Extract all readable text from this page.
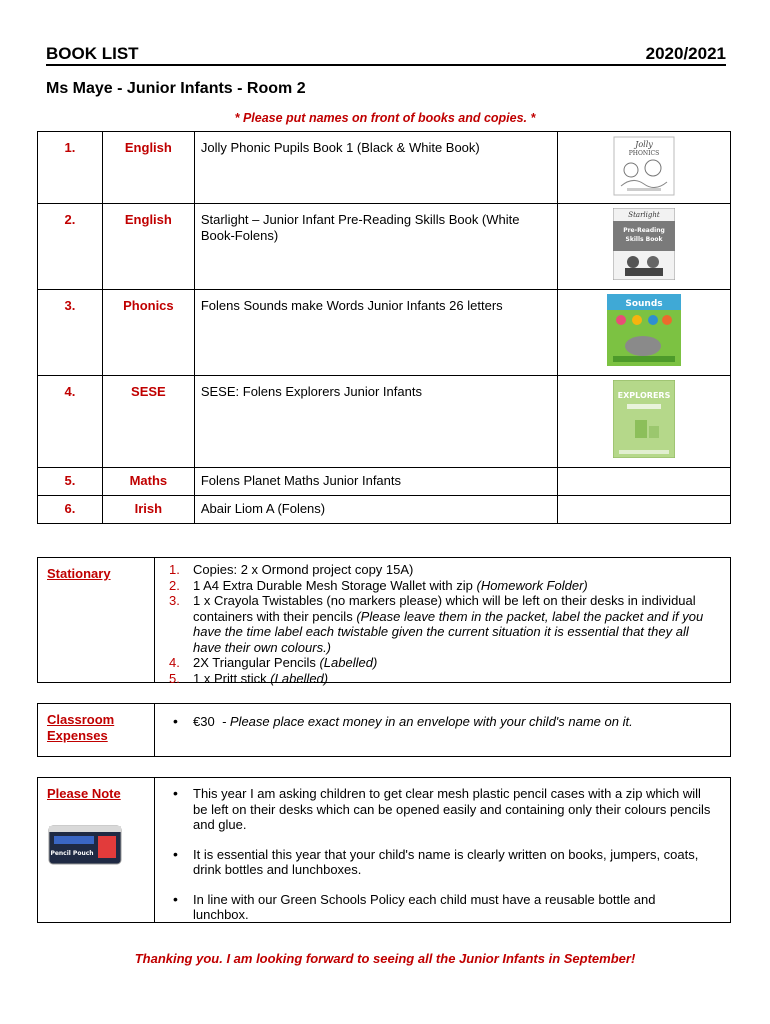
BOOK LIST	2020/2021
Ms Maye - Junior Infants - Room 2
* Please put names on front of books and copies. *
1.	English	Jolly Phonic Pupils Book 1 (Black & White Book)	Jolly
PHONICS

2.	English	Starlight – Junior Infant Pre-Reading Skills Book (White Book-Folens)	Starlight
Pre-Reading
Skills Book

3.	Phonics	Folens Sounds make Words Junior Infants 26 letters	Sounds

4.	SESE	SESE: Folens Explorers Junior Infants	EXPLORERS

5.	Maths	Folens Planet Maths Junior Infants	
6.	Irish	Abair Liom A (Folens)	
Stationary	1. Copies: 2 x Ormond project copy 15A)
2. 1 A4 Extra Durable Mesh Storage Wallet with zip (Homework Folder)
3. 1 x Crayola Twistables (no markers please) which will be left on their desks in individual containers with their pencils (Please leave them in the packet, label the packet and if you have the time label each twistable given the current situation it is essential that they all have their own colours.)
4. 2X Triangular Pencils (Labelled)
5. 1 x Pritt stick (Labelled)
Classroom Expenses
• €30 - Please place exact money in an envelope with your child's name on it.
Please Note
Pencil Pouch
• This year I am asking children to get clear mesh plastic pencil cases with a zip which will be left on their desks which can be opened easily and containing only their colours pencils and glue.
• It is essential this year that your child's name is clearly written on books, jumpers, coats, drink bottles and lunchboxes.
• In line with our Green Schools Policy each child must have a reusable bottle and lunchbox.
Thanking you. I am looking forward to seeing all the Junior Infants in September!
